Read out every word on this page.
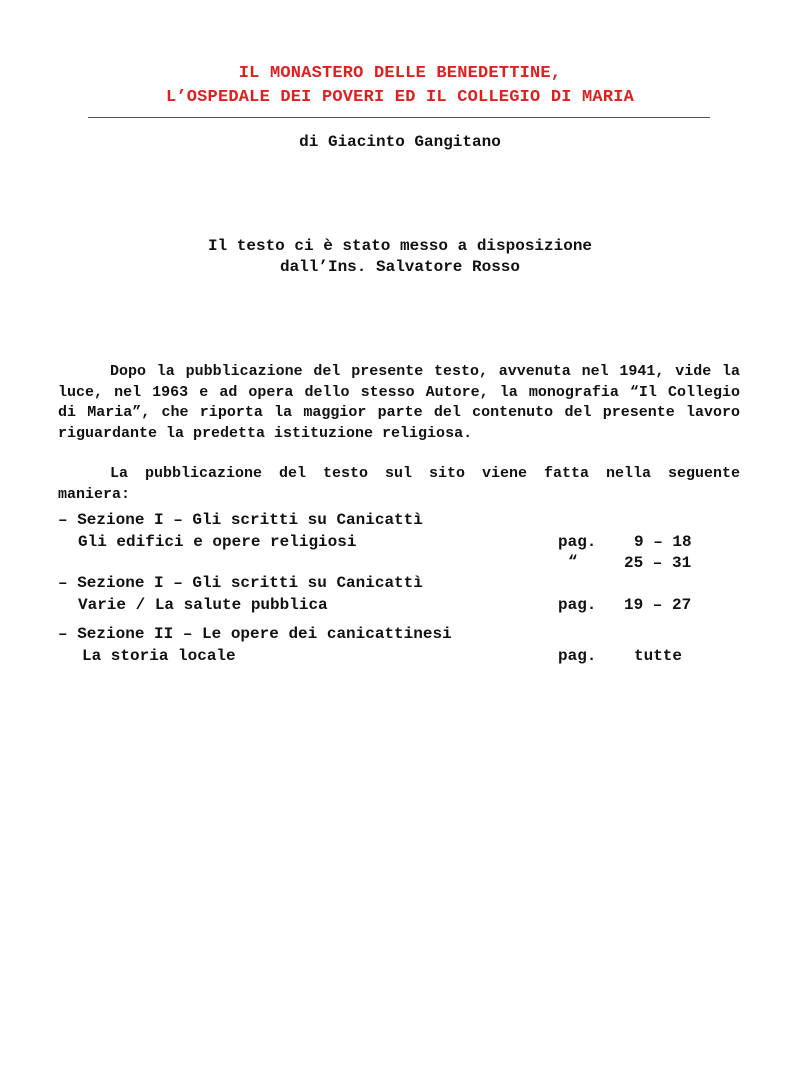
IL MONASTERO DELLE BENEDETTINE,
L’OSPEDALE DEI POVERI ED IL COLLEGIO DI MARIA
di Giacinto Gangitano
Il testo ci è stato messo a disposizione
dall’Ins. Salvatore Rosso
Dopo la pubblicazione del presente testo, avvenuta nel 1941, vide la luce, nel 1963 e ad opera dello stesso Autore, la monografia “Il Collegio di Maria”, che riporta la maggior parte del contenuto del presente lavoro riguardante la predetta istituzione religiosa.
La pubblicazione del testo sul sito viene fatta nella seguente maniera:
– Sezione I – Gli scritti su Canicattì
Gli edifici e opere religiosi	pag. 9 – 18
“	25 – 31
– Sezione I – Gli scritti su Canicattì
Varie / La salute pubblica	pag. 19 – 27
– Sezione II – Le opere dei canicattinesi
La storia locale	pag. tutte
